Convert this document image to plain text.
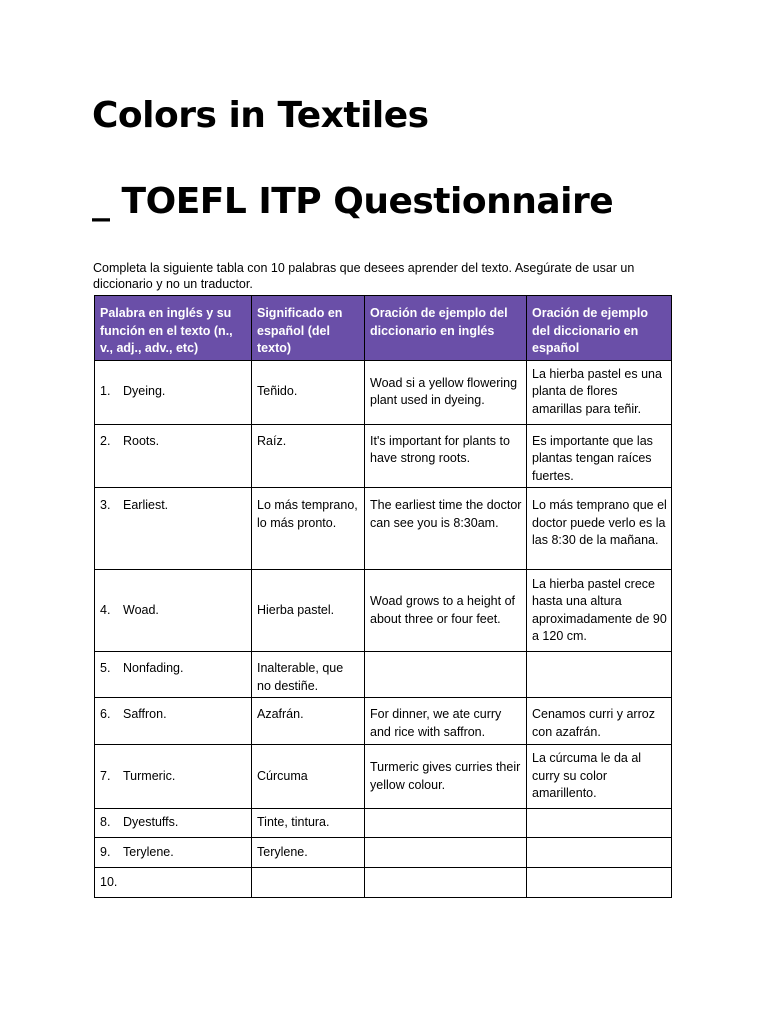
Colors in Textiles
_ TOEFL ITP Questionnaire
Completa la siguiente tabla con 10 palabras que desees aprender del texto. Asegúrate de usar un diccionario y no un traductor.
Palabra en inglés y su función en el texto (n., v., adj., adv., etc)	Significado en español (del texto)	Oración de ejemplo del diccionario en inglés	Oración de ejemplo del diccionario en español
1. Dyeing.	Teñido.	Woad si a yellow flowering plant used in dyeing.	La hierba pastel es una planta de flores amarillas para teñir.
2. Roots.	Raíz.	It's important for plants to have strong roots.	Es importante que las plantas tengan raíces fuertes.
3. Earliest.	Lo más temprano, lo más pronto.	The earliest time the doctor can see you is 8:30am.	Lo más temprano que el doctor puede verlo es la las 8:30 de la mañana.
4. Woad.	Hierba pastel.	Woad grows to a height of about three or four feet.	La hierba pastel crece hasta una altura aproximadamente de 90 a 120 cm.
5. Nonfading.	Inalterable, que no destiñe.		
6. Saffron.	Azafrán.	For dinner, we ate curry and rice with saffron.	Cenamos curri y arroz con azafrán.
7. Turmeric.	Cúrcuma	Turmeric gives curries their yellow colour.	La cúrcuma le da al curry su color amarillento.
8. Dyestuffs.	Tinte, tintura.		
9. Terylene.	Terylene.		
10.			
